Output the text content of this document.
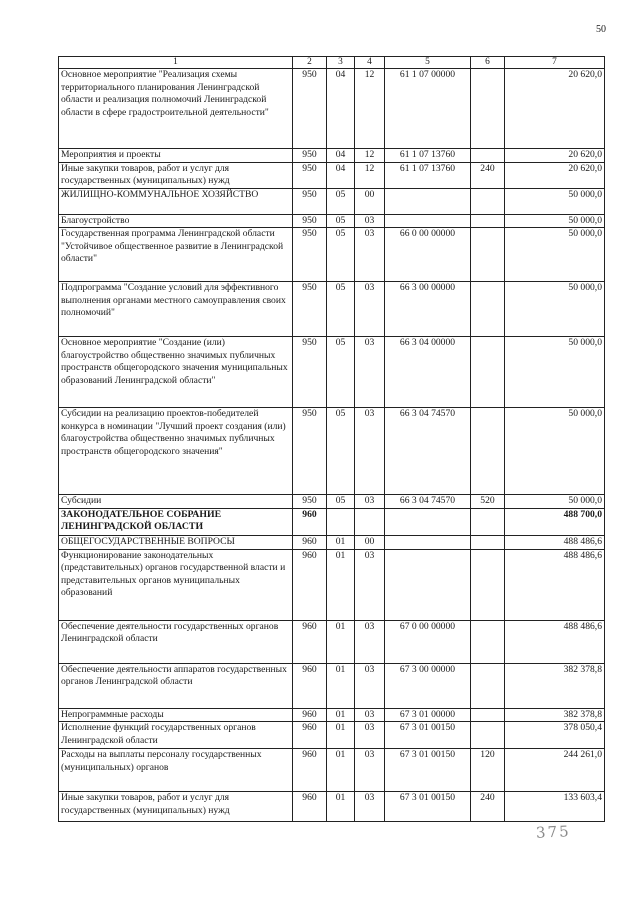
50
1	2	3	4	5	6	7
Основное мероприятие "Реализация схемы территориального планирования Ленинградской области и реализация полномочий Ленинградской области в сфере градостроительной деятельности"	950	04	12	61 1 07 00000		20 620,0
Мероприятия и проекты	950	04	12	61 1 07 13760		20 620,0
Иные закупки товаров, работ и услуг для государственных (муниципальных) нужд	950	04	12	61 1 07 13760	240	20 620,0
ЖИЛИЩНО-КОММУНАЛЬНОЕ ХОЗЯЙСТВО	950	05	00			50 000,0
Благоустройство	950	05	03			50 000,0
Государственная программа Ленинградской области "Устойчивое общественное развитие в Ленинградской области"	950	05	03	66 0 00 00000		50 000,0
Подпрограмма "Создание условий для эффективного выполнения органами местного самоуправления своих полномочий"	950	05	03	66 3 00 00000		50 000,0
Основное мероприятие "Создание (или) благоустройство общественно значимых публичных пространств общегородского значения муниципальных образований Ленинградской области"	950	05	03	66 3 04 00000		50 000,0
Субсидии на реализацию проектов-победителей конкурса в номинации "Лучший проект создания (или) благоустройства общественно значимых публичных пространств общегородского значения"	950	05	03	66 3 04 74570		50 000,0
Субсидии	950	05	03	66 3 04 74570	520	50 000,0
ЗАКОНОДАТЕЛЬНОЕ СОБРАНИЕ ЛЕНИНГРАДСКОЙ ОБЛАСТИ	960					488 700,0
ОБЩЕГОСУДАРСТВЕННЫЕ ВОПРОСЫ	960	01	00			488 486,6
Функционирование законодательных (представительных) органов государственной власти и представительных органов муниципальных образований	960	01	03			488 486,6
Обеспечение деятельности государственных органов Ленинградской области	960	01	03	67 0 00 00000		488 486,6
Обеспечение деятельности аппаратов государственных органов Ленинградской области	960	01	03	67 3 00 00000		382 378,8
Непрограммные расходы	960	01	03	67 3 01 00000		382 378,8
Исполнение функций государственных органов Ленинградской области	960	01	03	67 3 01 00150		378 050,4
Расходы на выплаты персоналу государственных (муниципальных) органов	960	01	03	67 3 01 00150	120	244 261,0
Иные закупки товаров, работ и услуг для государственных (муниципальных) нужд	960	01	03	67 3 01 00150	240	133 603,4
375
